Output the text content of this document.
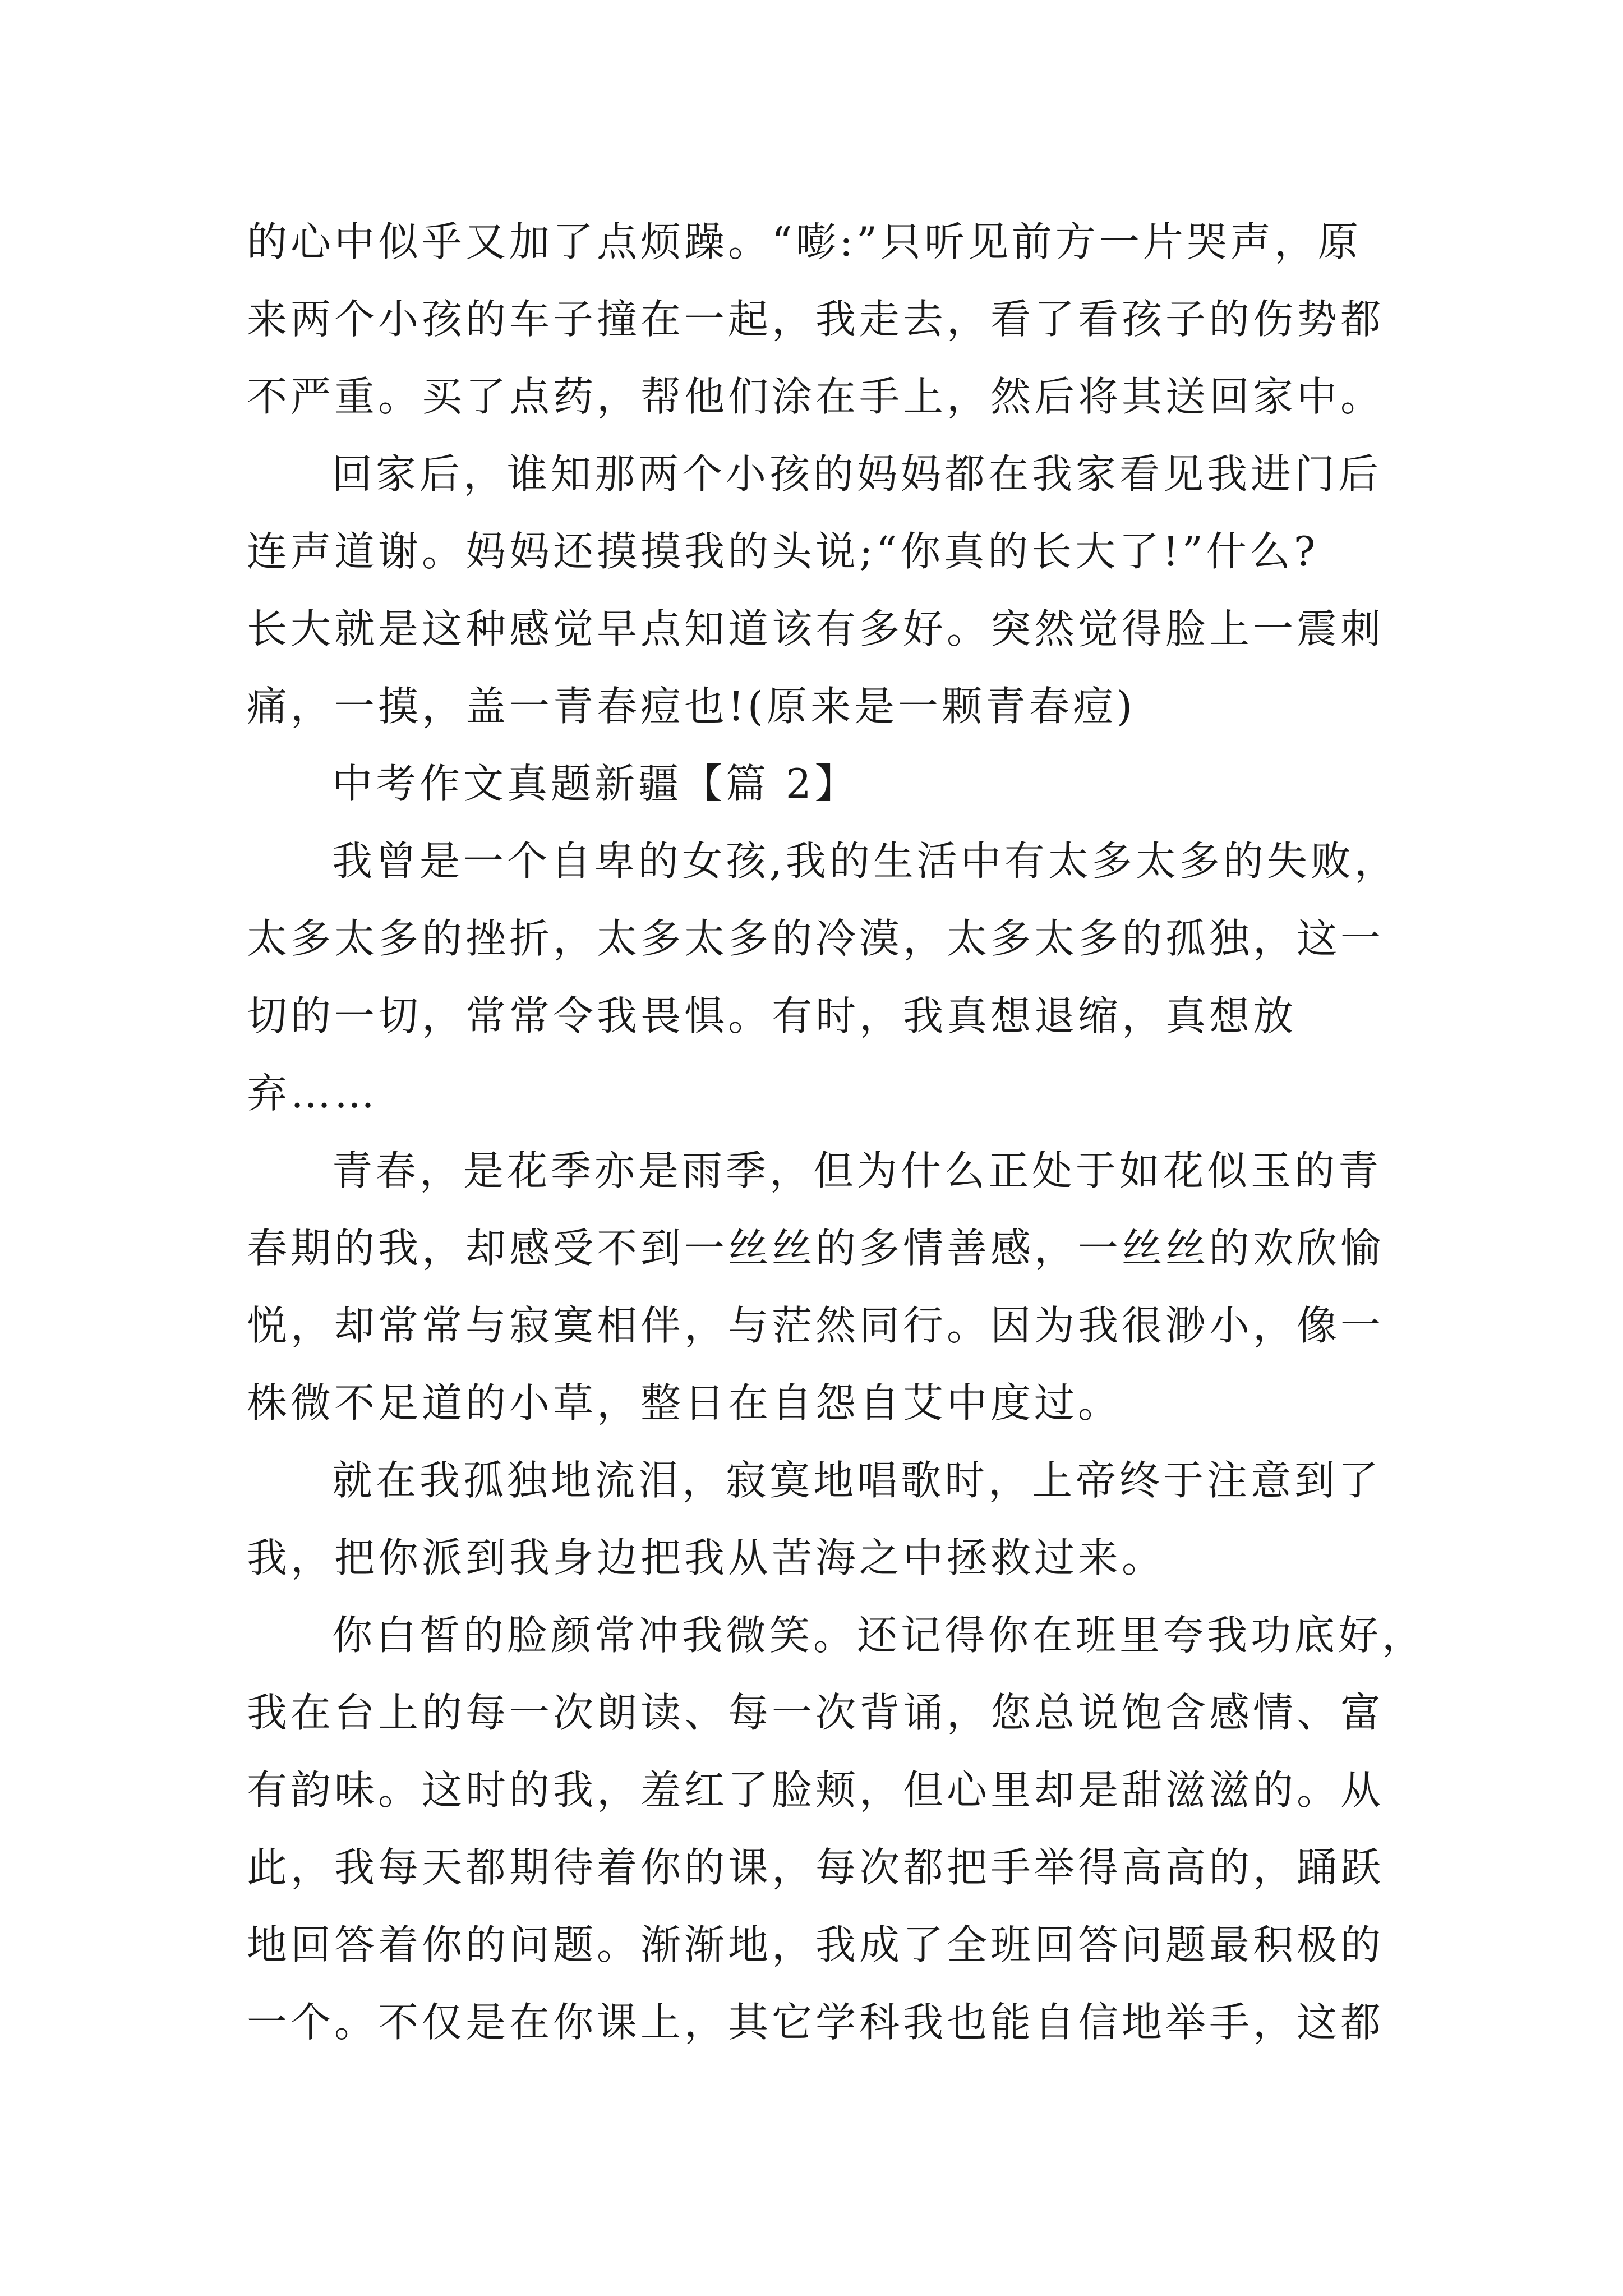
的心中似乎又加了点烦躁。“嘭:”只听见前方一片哭声，原
来两个小孩的车子撞在一起，我走去，看了看孩子的伤势都
不严重。买了点药，帮他们涂在手上，然后将其送回家中。
回家后，谁知那两个小孩的妈妈都在我家看见我进门后
连声道谢。妈妈还摸摸我的头说;“你真的长大了!”什么?
长大就是这种感觉早点知道该有多好。突然觉得脸上一震刺
痛，一摸，盖一青春痘也!(原来是一颗青春痘)
中考作文真题新疆【篇 2】
我曾是一个自卑的女孩,我的生活中有太多太多的失败，
太多太多的挫折，太多太多的冷漠，太多太多的孤独，这一
切的一切，常常令我畏惧。有时，我真想退缩，真想放
弃……
青春，是花季亦是雨季，但为什么正处于如花似玉的青
春期的我，却感受不到一丝丝的多情善感，一丝丝的欢欣愉
悦，却常常与寂寞相伴，与茫然同行。因为我很渺小，像一
株微不足道的小草，整日在自怨自艾中度过。
就在我孤独地流泪，寂寞地唱歌时，上帝终于注意到了
我，把你派到我身边把我从苦海之中拯救过来。
你白皙的脸颜常冲我微笑。还记得你在班里夸我功底好，
我在台上的每一次朗读、每一次背诵，您总说饱含感情、富
有韵味。这时的我，羞红了脸颊，但心里却是甜滋滋的。从
此，我每天都期待着你的课，每次都把手举得高高的，踊跃
地回答着你的问题。渐渐地，我成了全班回答问题最积极的
一个。不仅是在你课上，其它学科我也能自信地举手，这都
